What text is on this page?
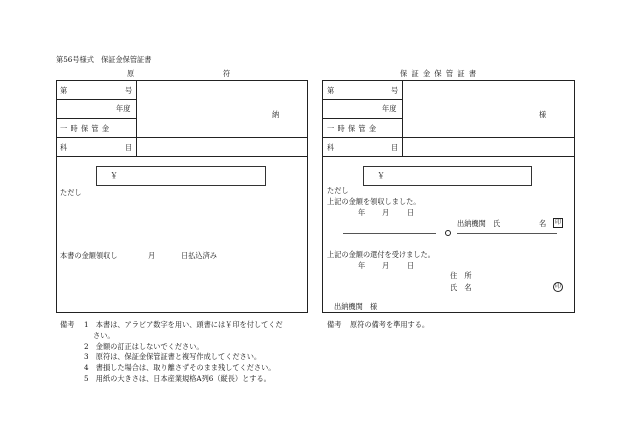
第56号様式　保証金保管証書
原	符	保 証 金 保 管 証 書
第	号
年度
納
一 時 保 管 金
科	目
￥
ただし
本書の金額領収し	月	日払込済み
第	号
年度
様
一 時 保 管 金
科	目
￥
ただし
上記の金額を領収しました。
年 月 日
出納機関　氏	名	印
上記の金額の還付を受けました。
年 月 日
住　所
氏　名	印
出納機関　様
備考 1　本書は、アラビア数字を用い、頭書には￥印を付してくだ
さい。
2　金額の訂正はしないでください。
3　原符は、保証金保管証書と複写作成してください。
4　書損した場合は、取り離さずそのまま残してください。
5　用紙の大きさは、日本産業規格A列6（縦長）とする。
備考 原符の備考を準用する。
